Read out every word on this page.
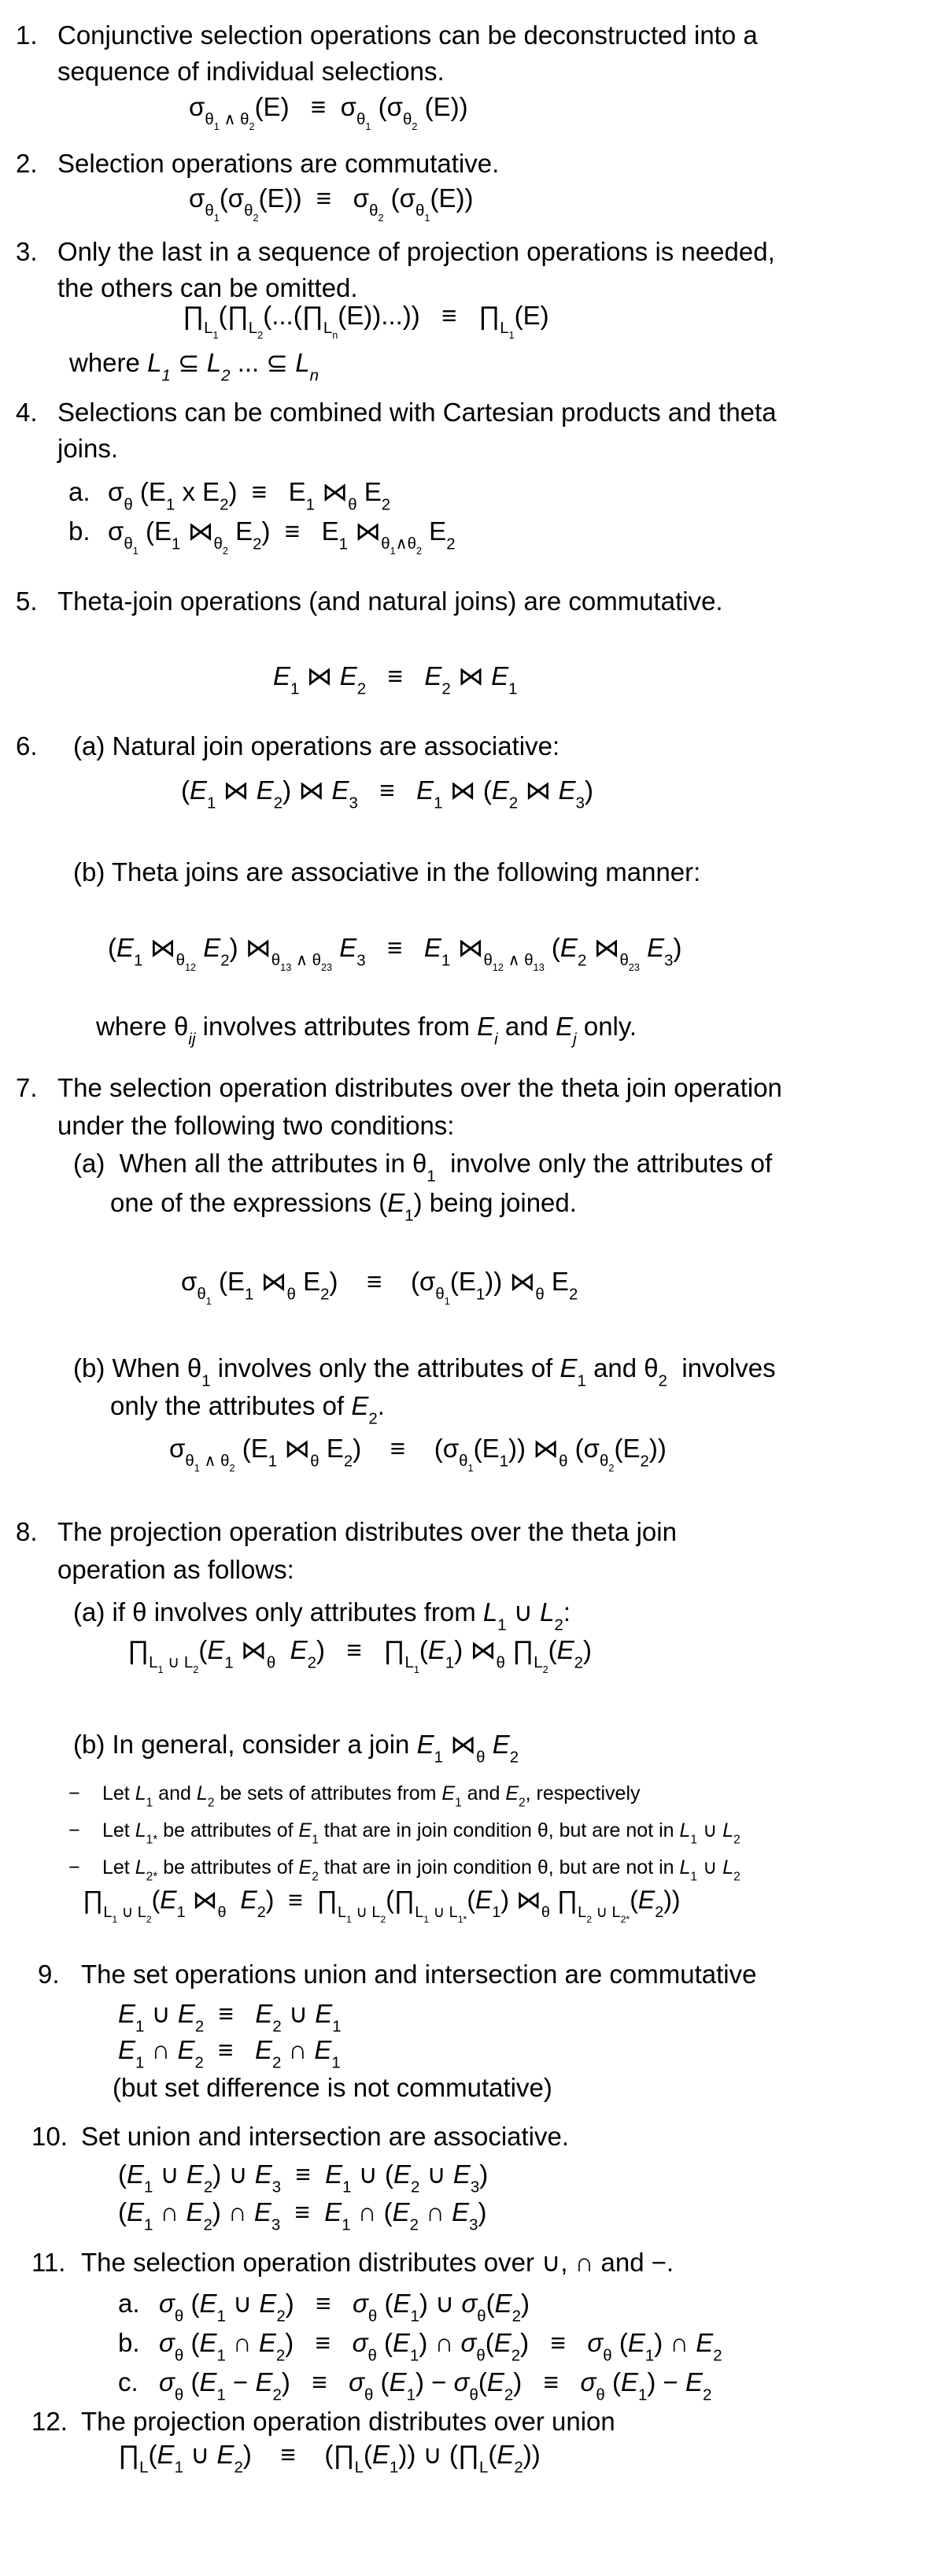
1. Conjunctive selection operations can be deconstructed into a
sequence of individual selections.
$\sigma_{\theta_1 \wedge \theta_2}(E) \equiv \sigma_{\theta_1}$ ($\sigma_{\theta_2}$ (E))
2. Selection operations are commutative.
$\sigma_{\theta_1}(\sigma_{\theta_2}(E)) \equiv \sigma_{\theta_2}$ $(\sigma_{\theta_1}(E))$
3. Only the last in a sequence of projection operations is needed,
the others can be omitted.
$\prod_{L_1}(\prod_{L_2}(...(\prod_{L_n}(E))...))$   ≡   $\prod_{L_1}(E)$
where $L_1$ ⊆ $L_2$ ... ⊆ $L_n$
4. Selections can be combined with Cartesian products and theta
joins.
a. $\sigma_\theta$ ($E_1$ x $E_2) \equiv E_1$ $⋈_\theta$ $E_2$
b. $\sigma_{\theta_1}$ ($E_1$ $⋈_{\theta_2}$ $E_2) \equiv E_1$ $⋈_{\theta_1\wedge\theta_2}$ $E_2$
5. Theta-join operations (and natural joins) are commutative.
$E_1$ ⋈ $E_2 \equiv E_2$ ⋈ $E_1$
6. (a) Natural join operations are associative:
($E_1$ ⋈ $E_2$) ⋈ $E_3 \equiv E_1$ ⋈ ($E_2$ ⋈ $E_3$)
(b) Theta joins are associative in the following manner:
($E_1$ $⋈_{\theta_{12}}$ $E_2$) $⋈_{\theta_{13} \wedge \theta_{23}}$ $E_3 \equiv E_1$ $⋈_{\theta_{12} \wedge \theta_{13}}$ ($E_2$ $⋈_{\theta_{23}}$ $E_3$)
where $\theta_{ij}$ involves attributes from $E_i$ and $E_j$ only.
7. The selection operation distributes over the theta join operation
under the following two conditions:
(a)  When all the attributes in $\theta_1$  involve only the attributes of
one of the expressions $(E_1)$ being joined.
$\sigma_{\theta_1}$ ($E_1$ $⋈_\theta$ $E_2$)    ≡    $(\sigma_{\theta_1}(E_1))$ $⋈_\theta$ $E_2$
(b) When $\theta_1$ involves only the attributes of $E_1$ and $\theta_2$  involves
only the attributes of $E_2$.
$\sigma_{\theta_1 \wedge \theta_2}$ ($E_1$ $⋈_\theta$ $E_2$)    ≡    $(\sigma_{\theta_1}(E_1))$ $⋈_\theta$ $(\sigma_{\theta_2}(E_2))$
8. The projection operation distributes over the theta join
operation as follows:
(a) if θ involves only attributes from $L_1$ ∪ $L_2$:
$\prod_{L_1 \cup L_2}(E_1$ $⋈_\theta$ $E_2$)   ≡   $\prod_{L_1}(E_1)$ $⋈_\theta$ $\prod_{L_2}(E_2)$
(b) In general, consider a join $E_1$ $⋈_\theta$ $E_2$
− Let $L_1$ and $L_2$ be sets of attributes from $E_1$ and $E_2$, respectively
− Let $L_{1*}$ be attributes of $E_1$ that are in join condition θ, but are not in $L_1$ ∪ $L_2$
− Let $L_{2*}$ be attributes of $E_2$ that are in join condition θ, but are not in $L_1$ ∪ $L_2$
$\prod_{L_1 \cup L_2}(E_1$ $⋈_\theta$ $E_2$)  ≡  $\prod_{L_1 \cup L_2}(\prod_{L_1 \cup L_{1*}}(E_1)$ $⋈_\theta$ $\prod_{L_2 \cup L_{2*}}(E_2)$)
9. The set operations union and intersection are commutative
$E_1$ ∪ $E_2 \equiv E_2$ ∪ $E_1$
$E_1$ ∩ $E_2 \equiv E_2$ ∩ $E_1$
(but set difference is not commutative)
10. Set union and intersection are associative.
($E_1$ ∪ $E_2$) ∪ $E_3 \equiv E_1$ ∪ ($E_2$ ∪ $E_3$)
($E_1$ ∩ $E_2$) ∩ $E_3 \equiv E_1$ ∩ ($E_2$ ∩ $E_3$)
11. The selection operation distributes over ∪, ∩ and −.
a. $\sigma_\theta$ ($E_1$ ∪ $E_2) \equiv \sigma_\theta$ $(E_1)$ ∪ $\sigma_\theta(E_2)$
b. $\sigma_\theta$ ($E_1$ ∩ $E_2) \equiv \sigma_\theta$ $(E_1)$ ∩ $\sigma_\theta(E_2) \equiv \sigma_\theta$ $(E_1)$ ∩ $E_2$
c. $\sigma_\theta$ $(E_1 - E_2) \equiv \sigma_\theta$ $(E_1) - \sigma_\theta(E_2) \equiv \sigma_\theta$ $(E_1) - E_2$
12. The projection operation distributes over union
$\prod_L(E_1$ ∪ $E_2$)    ≡    $(\prod_L(E_1))$ ∪ $(\prod_L(E_2))$
